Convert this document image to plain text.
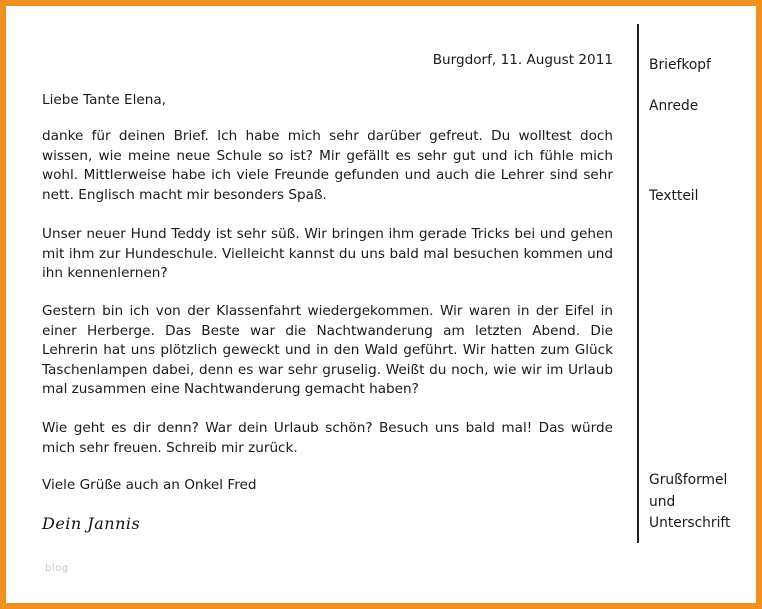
Burgdorf, 11. August 2011
Liebe Tante Elena,

danke für deinen Brief. Ich habe mich sehr darüber gefreut. Du wolltest doch wissen, wie meine neue Schule so ist? Mir gefällt es sehr gut und ich fühle mich wohl. Mittlerweise habe ich viele Freunde gefunden und auch die Lehrer sind sehr nett. Englisch macht mir besonders Spaß.

Unser neuer Hund Teddy ist sehr süß. Wir bringen ihm gerade Tricks bei und gehen mit ihm zur Hundeschule. Vielleicht kannst du uns bald mal besuchen kommen und ihn kennenlernen?

Gestern bin ich von der Klassenfahrt wiedergekommen. Wir waren in der Eifel in einer Herberge. Das Beste war die Nachtwanderung am letzten Abend. Die Lehrerin hat uns plötzlich geweckt und in den Wald geführt. Wir hatten zum Glück Taschenlampen dabei, denn es war sehr gruselig. Weißt du noch, wie wir im Urlaub mal zusammen eine Nachtwanderung gemacht haben?

Wie geht es dir denn? War dein Urlaub schön? Besuch uns bald mal! Das würde mich sehr freuen. Schreib mir zurück.

Viele Grüße auch an Onkel Fred
Dein Jannis
Briefkopf
Anrede
Textteil
Grußformel und Unterschrift
blog
